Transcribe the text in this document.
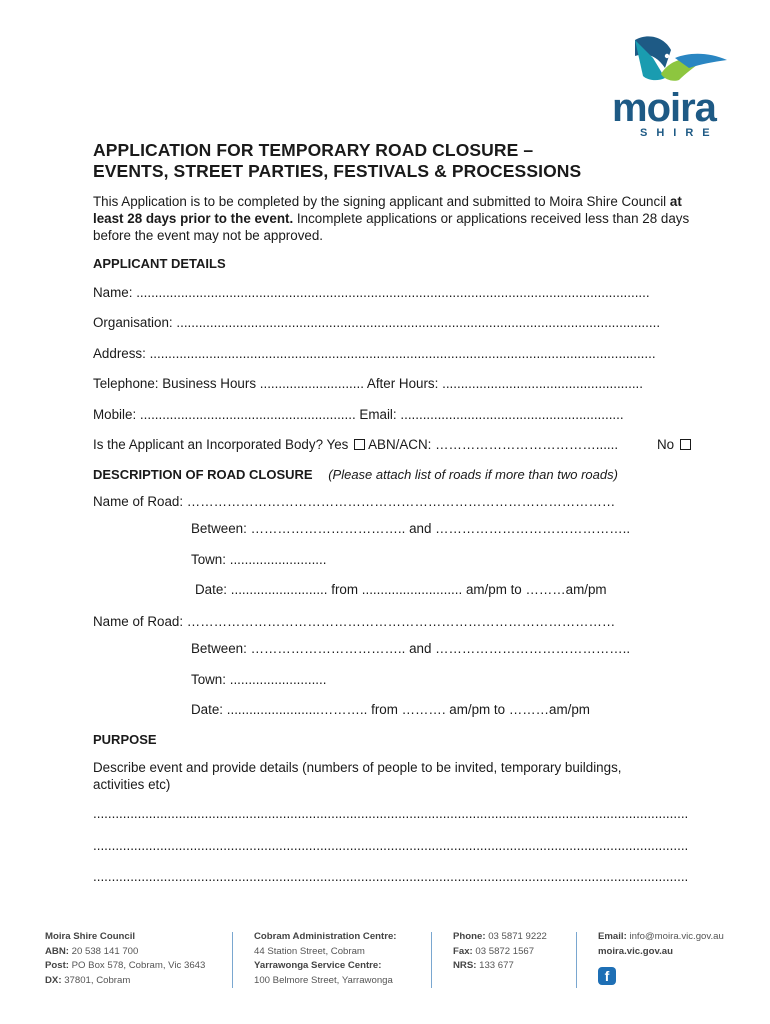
moira
SHIRE
APPLICATION FOR TEMPORARY ROAD CLOSURE –
EVENTS, STREET PARTIES, FESTIVALS & PROCESSIONS
This Application is to be completed by the signing applicant and submitted to Moira Shire Council at least 28 days prior to the event. Incomplete applications or applications received less than 28 days before the event may not be approved.
APPLICANT DETAILS
Name: ..........................................................................................................................................
Organisation: ..................................................................................................................................
Address: ........................................................................................................................................
Telephone: Business Hours ............................ After Hours: ......................................................
Mobile: .......................................................... Email: ............................................................
Is the Applicant an Incorporated Body? Yes ABN/ACN: ………………………………......	No
DESCRIPTION OF ROAD CLOSURE (Please attach list of roads if more than two roads)
Name of Road: ……………………………………………………………………………………
Between: …………………………….. and ……………………………………..
Town: ..........................
Date: .......................... from ........................... am/pm to ………am/pm
Name of Road: ……………………………………………………………………………………
Between: …………………………….. and ……………………………………..
Town: ..........................
Date: .........................……….. from ………. am/pm to ………am/pm
PURPOSE
Describe event and provide details (numbers of people to be invited, temporary buildings, activities etc)
................................................................................................................................................................
................................................................................................................................................................
................................................................................................................................................................
Moira Shire Council
ABN: 20 538 141 700
Post: PO Box 578, Cobram, Vic 3643
DX: 37801, Cobram
Cobram Administration Centre:
44 Station Street, Cobram
Yarrawonga Service Centre:
100 Belmore Street, Yarrawonga
Phone: 03 5871 9222
Fax: 03 5872 1567
NRS: 133 677
Email: info@moira.vic.gov.au
moira.vic.gov.au
f
